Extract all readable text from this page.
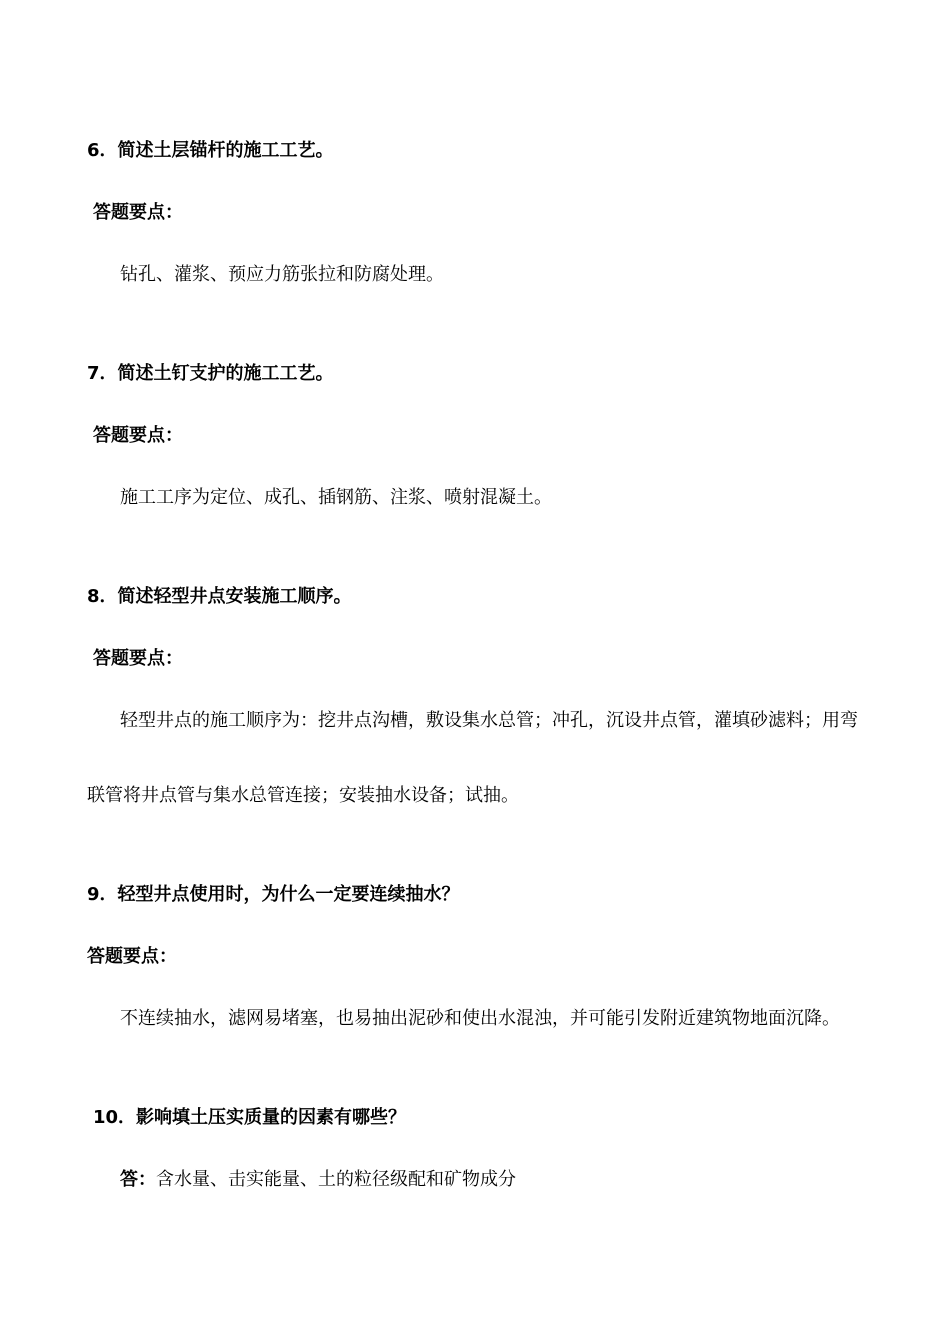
6．简述土层锚杆的施工工艺。
答题要点：
钻孔、灌浆、预应力筋张拉和防腐处理。
7．简述土钉支护的施工工艺。
答题要点：
施工工序为定位、成孔、插钢筋、注浆、喷射混凝土。
8．简述轻型井点安装施工顺序。
答题要点：
轻型井点的施工顺序为：挖井点沟槽，敷设集水总管；冲孔，沉设井点管，灌填砂滤料；用弯
联管将井点管与集水总管连接；安装抽水设备；试抽。
9．轻型井点使用时，为什么一定要连续抽水？
答题要点：
不连续抽水，滤网易堵塞，也易抽出泥砂和使出水混浊，并可能引发附近建筑物地面沉降。
10．影响填土压实质量的因素有哪些？
答：含水量、击实能量、土的粒径级配和矿物成分
